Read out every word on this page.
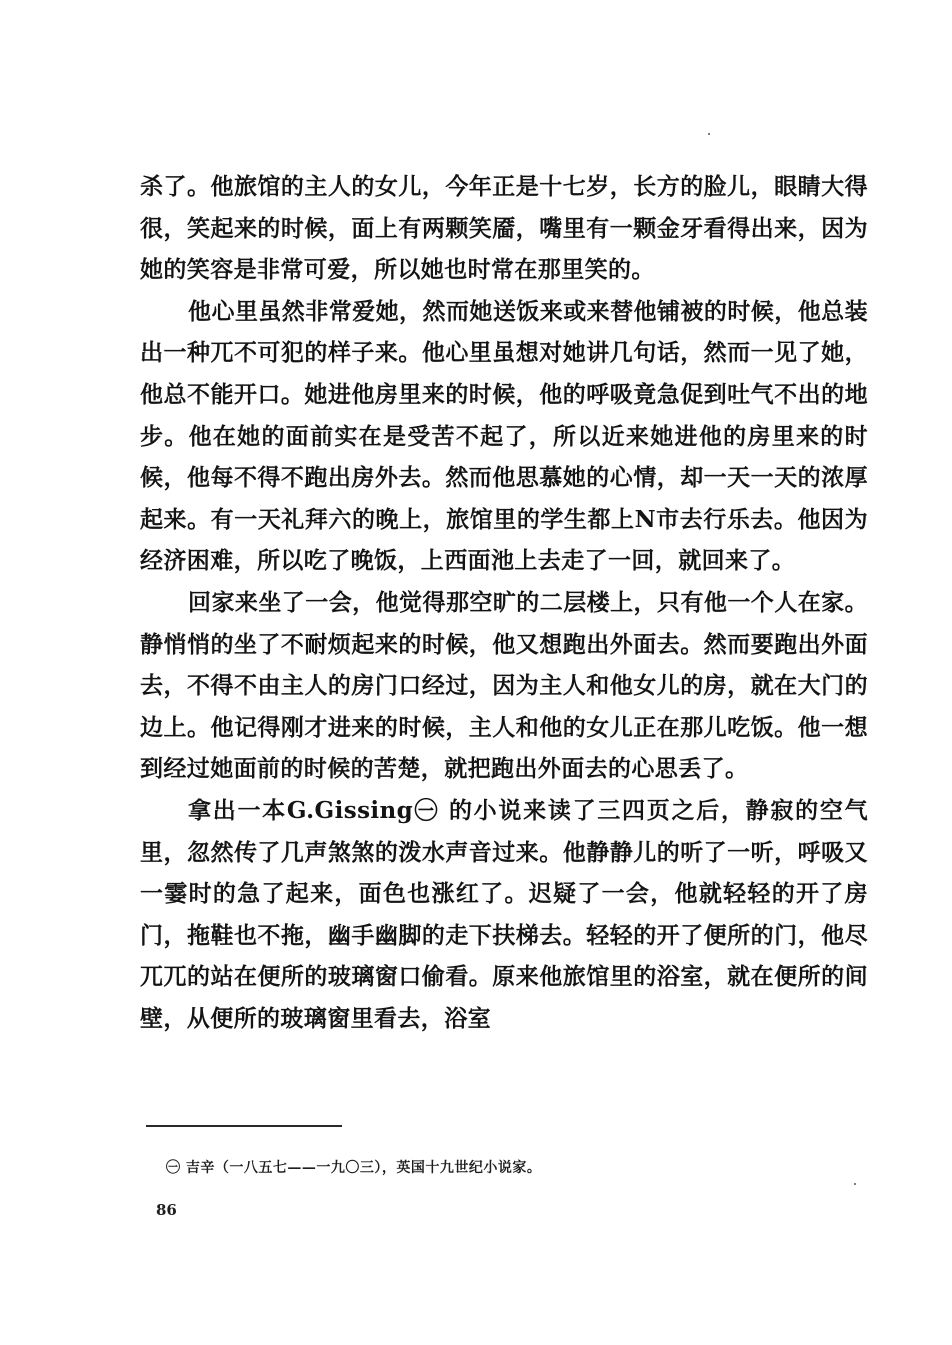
杀了。他旅馆的主人的女儿，今年正是十七岁，长方的脸儿，眼睛大得很，笑起来的时候，面上有两颗笑靥，嘴里有一颗金牙看得出来，因为她的笑容是非常可爱，所以她也时常在那里笑的。

他心里虽然非常爱她，然而她送饭来或来替他铺被的时候，他总装出一种兀不可犯的样子来。他心里虽想对她讲几句话，然而一见了她，他总不能开口。她进他房里来的时候，他的呼吸竟急促到吐气不出的地步。他在她的面前实在是受苦不起了，所以近来她进他的房里来的时候，他每不得不跑出房外去。然而他思慕她的心情，却一天一天的浓厚起来。有一天礼拜六的晚上，旅馆里的学生都上N市去行乐去。他因为经济困难，所以吃了晚饭，上西面池上去走了一回，就回来了。

回家来坐了一会，他觉得那空旷的二层楼上，只有他一个人在家。静悄悄的坐了不耐烦起来的时候，他又想跑出外面去。然而要跑出外面去，不得不由主人的房门口经过，因为主人和他女儿的房，就在大门的边上。他记得刚才进来的时候，主人和他的女儿正在那儿吃饭。他一想到经过她面前的时候的苦楚，就把跑出外面去的心思丢了。

拿出一本G.Gissing㊀ 的小说来读了三四页之后，静寂的空气里，忽然传了几声煞煞的泼水声音过来。他静静儿的听了一听，呼吸又一霎时的急了起来，面色也涨红了。迟疑了一会，他就轻轻的开了房门，拖鞋也不拖，幽手幽脚的走下扶梯去。轻轻的开了便所的门，他尽兀兀的站在便所的玻璃窗口偷看。原来他旅馆里的浴室，就在便所的间壁，从便所的玻璃窗里看去，浴室

㊀ 吉辛（一八五七——一九〇三），英国十九世纪小说家。
86
